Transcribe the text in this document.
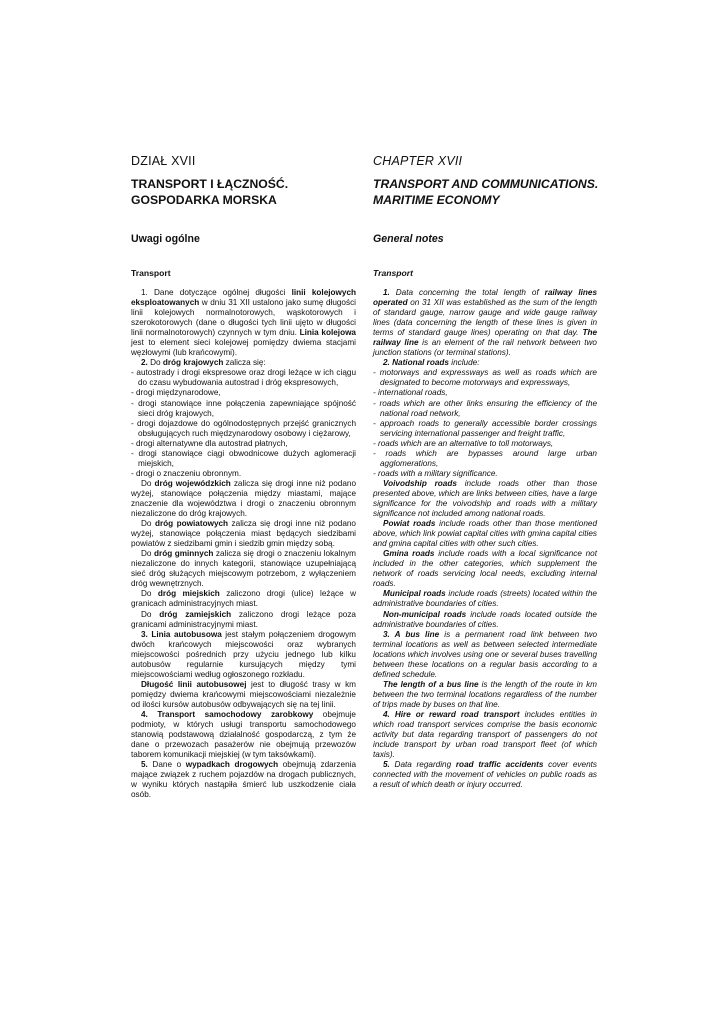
DZIAŁ XVII
TRANSPORT I ŁĄCZNOŚĆ.
GOSPODARKA MORSKA
Uwagi ogólne
Transport

1. Dane dotyczące ogólnej długości linii kolejowych eksploatowanych w dniu 31 XII ustalono jako sumę długości linii kolejowych normalnotorowych, wąskotorowych i szerokotorowych (dane o długości tych linii ujęto w długości linii normalnotorowych) czynnych w tym dniu. Linia kolejowa jest to element sieci kolejowej pomiędzy dwiema stacjami węzłowymi (lub krańcowymi).

2. Do dróg krajowych zalicza się:

- autostrady i drogi ekspresowe oraz drogi leżące w ich ciągu do czasu wybudowania autostrad i dróg ekspresowych,

- drogi międzynarodowe,

- drogi stanowiące inne połączenia zapewniające spójność sieci dróg krajowych,

- drogi dojazdowe do ogólnodostępnych przejść granicznych obsługujących ruch międzynarodowy osobowy i ciężarowy,

- drogi alternatywne dla autostrad płatnych,

- drogi stanowiące ciągi obwodnicowe dużych aglomeracji miejskich,

- drogi o znaczeniu obronnym.

Do dróg wojewódzkich zalicza się drogi inne niż podano wyżej, stanowiące połączenia między miastami, mające znaczenie dla województwa i drogi o znaczeniu obronnym niezaliczone do dróg krajowych.

Do dróg powiatowych zalicza się drogi inne niż podano wyżej, stanowiące połączenia miast będących siedzibami powiatów z siedzibami gmin i siedzib gmin między sobą.

Do dróg gminnych zalicza się drogi o znaczeniu lokalnym niezaliczone do innych kategorii, stanowiące uzupełniającą sieć dróg służących miejscowym potrzebom, z wyłączeniem dróg wewnętrznych.

Do dróg miejskich zaliczono drogi (ulice) leżące w granicach administracyjnych miast.

Do dróg zamiejskich zaliczono drogi leżące poza granicami administracyjnymi miast.

3. Linia autobusowa jest stałym połączeniem drogowym dwóch krańcowych miejscowości oraz wybranych miejscowości pośrednich przy użyciu jednego lub kilku autobusów regularnie kursujących między tymi miejscowościami według ogłoszonego rozkładu.

Długość linii autobusowej jest to długość trasy w km pomiędzy dwiema krańcowymi miejscowościami niezależnie od ilości kursów autobusów odbywających się na tej linii.

4. Transport samochodowy zarobkowy obejmuje podmioty, w których usługi transportu samochodowego stanowią podstawową działalność gospodarczą, z tym że dane o przewozach pasażerów nie obejmują przewozów taborem komunikacji miejskiej (w tym taksówkami).

5. Dane o wypadkach drogowych obejmują zdarzenia mające związek z ruchem pojazdów na drogach publicznych, w wyniku których nastąpiła śmierć lub uszkodzenie ciała osób.

CHAPTER XVII
TRANSPORT AND COMMUNICATIONS.
MARITIME ECONOMY
General notes
Transport

1. Data concerning the total length of railway lines operated on 31 XII was established as the sum of the length of standard gauge, narrow gauge and wide gauge railway lines (data concerning the length of these lines is given in terms of standard gauge lines) operating on that day. The railway line is an element of the rail network between two junction stations (or terminal stations).

2. National roads include:

- motorways and expressways as well as roads which are designated to become motorways and expressways,

- international roads,

- roads which are other links ensuring the efficiency of the national road network,

- approach roads to generally accessible border crossings servicing international passenger and freight traffic,

- roads which are an alternative to toll motorways,

- roads which are bypasses around large urban agglomerations,

- roads with a military significance.

Voivodship roads include roads other than those presented above, which are links between cities, have a large significance for the voivodship and roads with a military significance not included among national roads.

Powiat roads include roads other than those mentioned above, which link powiat capital cities with gmina capital cities and gmina capital cities with other such cities.

Gmina roads include roads with a local significance not included in the other categories, which supplement the network of roads servicing local needs, excluding internal roads.

Municipal roads include roads (streets) located within the administrative boundaries of cities.

Non-municipal roads include roads located outside the administrative boundaries of cities.

3. A bus line is a permanent road link between two terminal locations as well as between selected intermediate locations which involves using one or several buses travelling between these locations on a regular basis according to a defined schedule.

The length of a bus line is the length of the route in km between the two terminal locations regardless of the number of trips made by buses on that line.

4. Hire or reward road transport includes entities in which road transport services comprise the basis economic activity but data regarding transport of passengers do not include transport by urban road transport fleet (of which taxis).

5. Data regarding road traffic accidents cover events connected with the movement of vehicles on public roads as a result of which death or injury occurred.
